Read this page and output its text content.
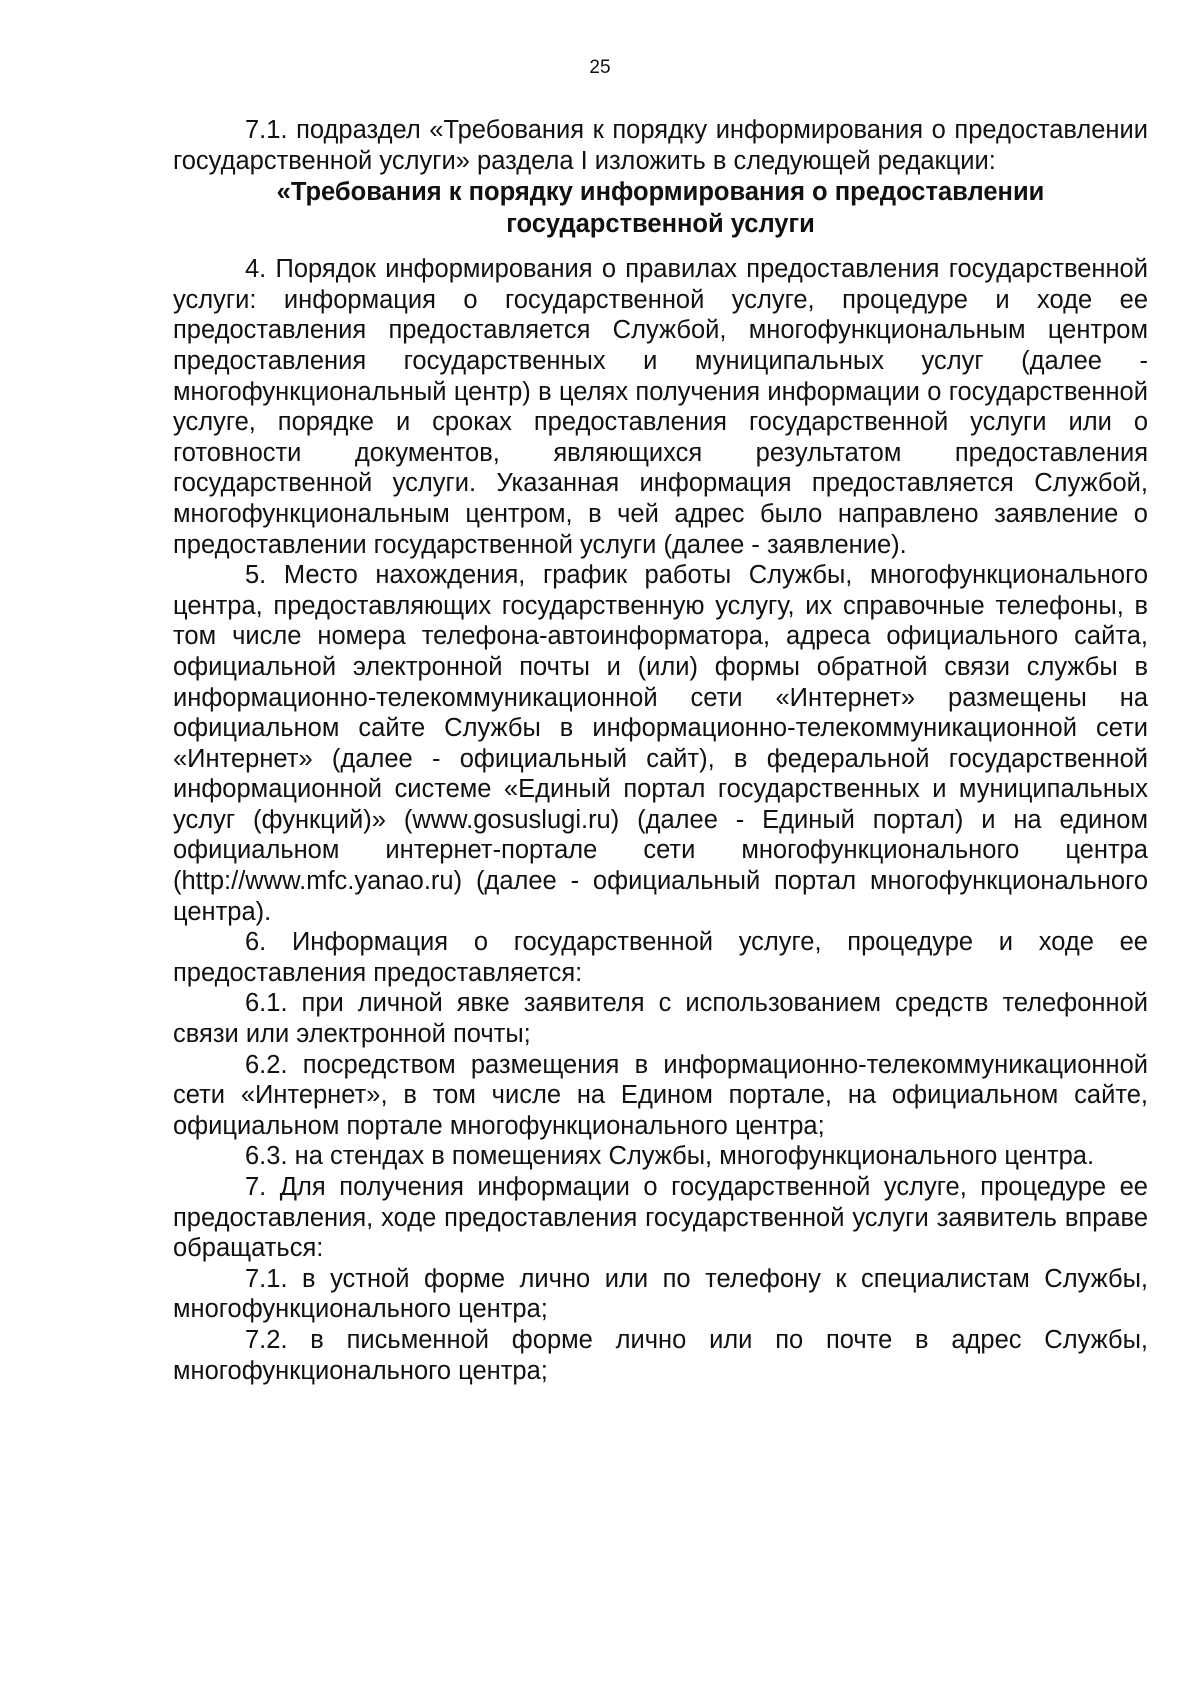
25

7.1. подраздел «Требования к порядку информирования о предоставлении государственной услуги» раздела I изложить в следующей редакции:

«Требования к порядку информирования о предоставлении государственной услуги

4. Порядок информирования о правилах предоставления государственной услуги: информация о государственной услуге, процедуре и ходе ее предоставления предоставляется Службой, многофункциональным центром предоставления государственных и муниципальных услуг (далее - многофункциональный центр) в целях получения информации о государственной услуге, порядке и сроках предоставления государственной услуги или о готовности документов, являющихся результатом предоставления государственной услуги. Указанная информация предоставляется Службой, многофункциональным центром, в чей адрес было направлено заявление о предоставлении государственной услуги (далее - заявление).

5. Место нахождения, график работы Службы, многофункционального центра, предоставляющих государственную услугу, их справочные телефоны, в том числе номера телефона-автоинформатора, адреса официального сайта, официальной электронной почты и (или) формы обратной связи службы в информационно-телекоммуникационной сети «Интернет» размещены на официальном сайте Службы в информационно-телекоммуникационной сети «Интернет» (далее - официальный сайт), в федеральной государственной информационной системе «Единый портал государственных и муниципальных услуг (функций)» (www.gosuslugi.ru) (далее - Единый портал) и на едином официальном интернет-портале сети многофункционального центра (http://www.mfc.yanao.ru) (далее - официальный портал многофункционального центра).

6. Информация о государственной услуге, процедуре и ходе ее предоставления предоставляется:

6.1. при личной явке заявителя с использованием средств телефонной связи или электронной почты;

6.2. посредством размещения в информационно-телекоммуникационной сети «Интернет», в том числе на Едином портале, на официальном сайте, официальном портале многофункционального центра;

6.3. на стендах в помещениях Службы, многофункционального центра.

7. Для получения информации о государственной услуге, процедуре ее предоставления, ходе предоставления государственной услуги заявитель вправе обращаться:

7.1. в устной форме лично или по телефону к специалистам Службы, многофункционального центра;

7.2. в письменной форме лично или по почте в адрес Службы, многофункционального центра;
